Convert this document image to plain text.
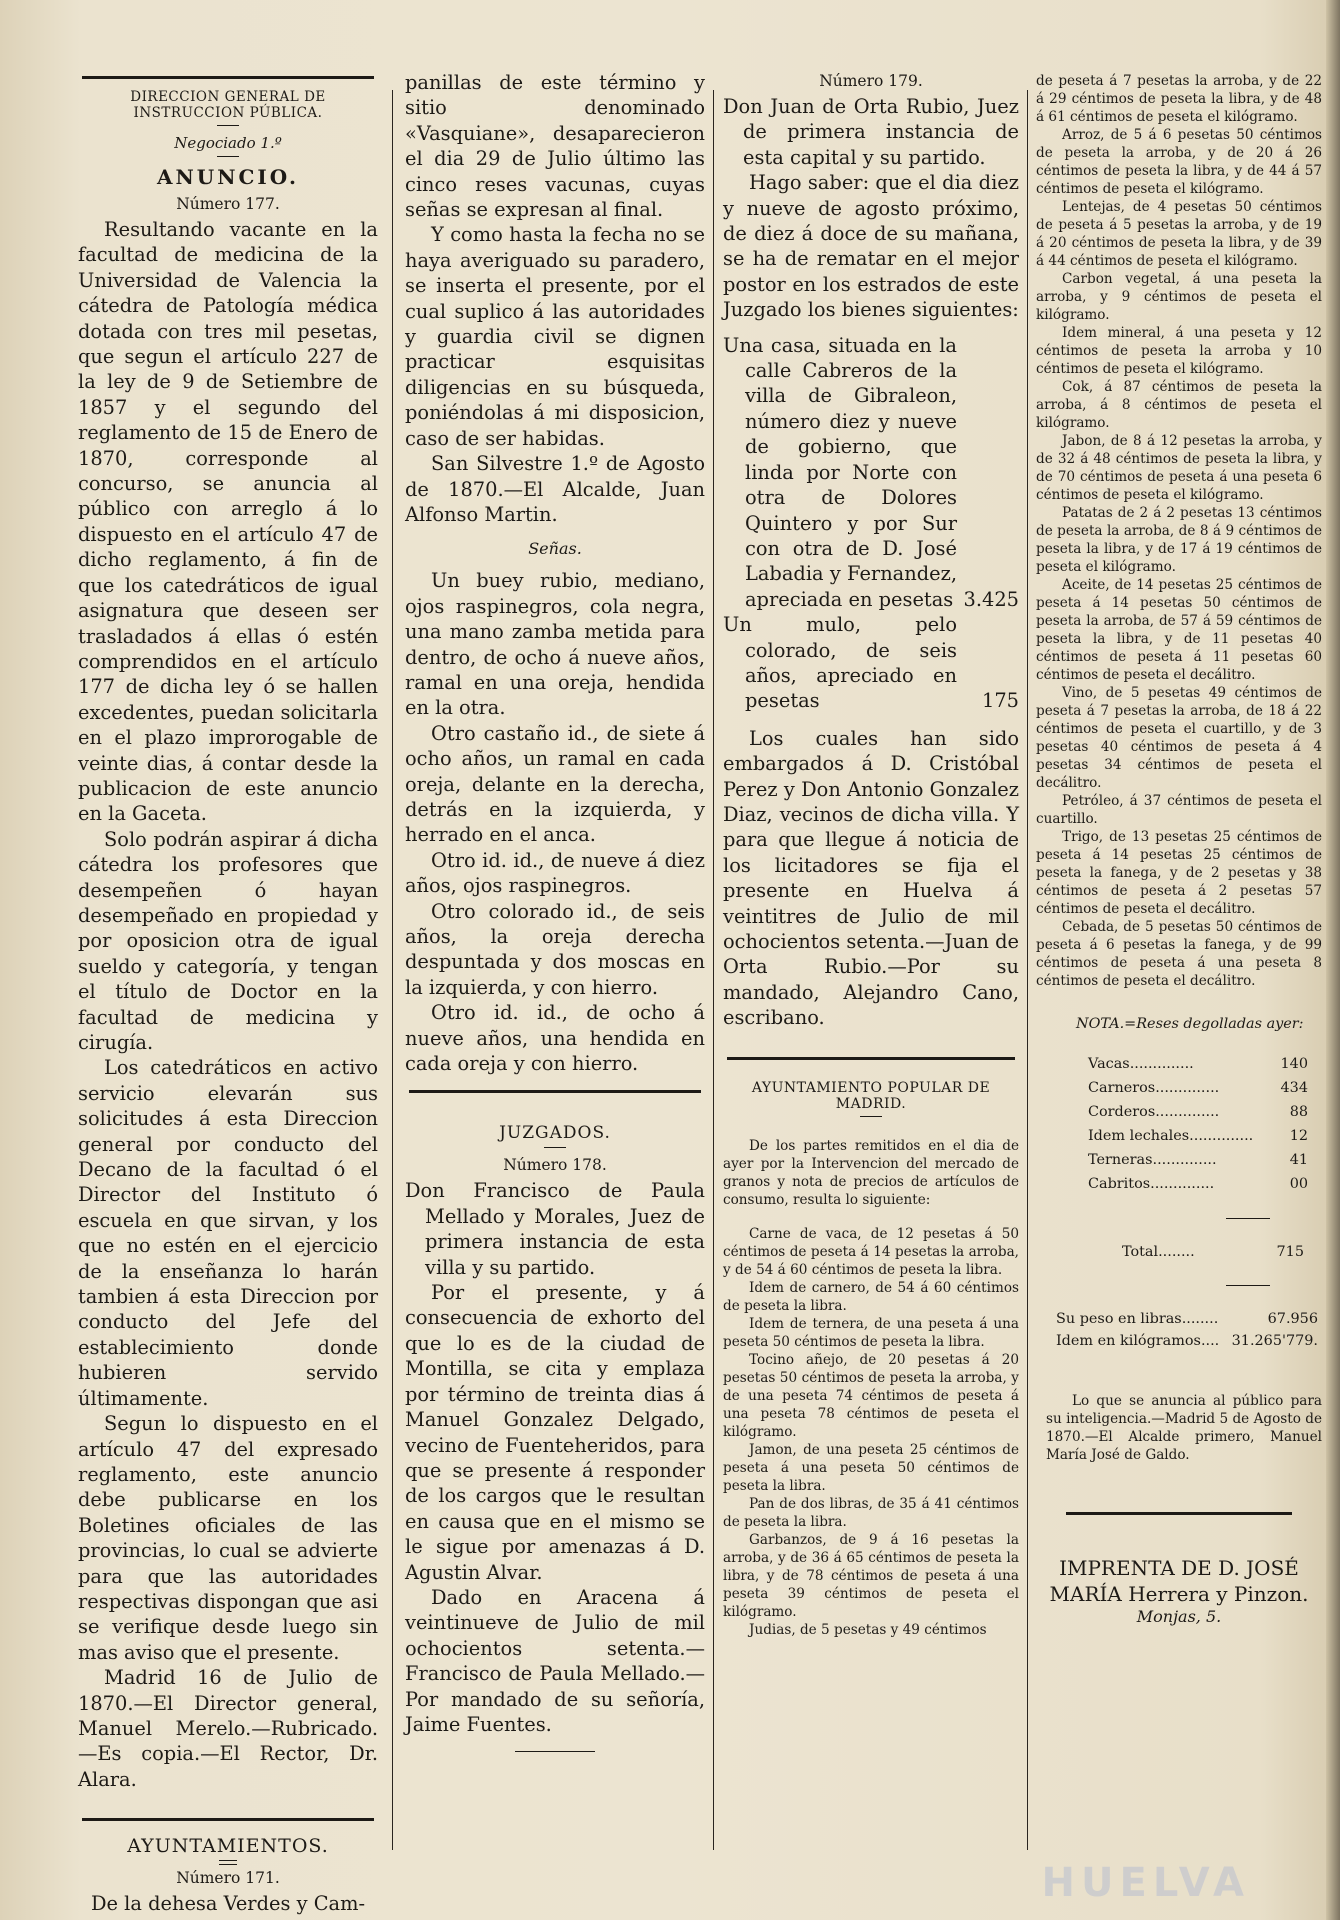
DIRECCION GENERAL DE INSTRUCCION PÚBLICA.

Negociado 1.º

ANUNCIO.

Número 177.

Resultando vacante en la facultad de medicina de la Universidad de Valencia la cátedra de Patología médica dotada con tres mil pesetas, que segun el artículo 227 de la ley de 9 de Setiembre de 1857 y el segundo del reglamento de 15 de Enero de 1870, corresponde al concurso, se anuncia al público con arreglo á lo dispuesto en el artículo 47 de dicho reglamento, á fin de que los catedráticos de igual asignatura que deseen ser trasladados á ellas ó estén comprendidos en el artículo 177 de dicha ley ó se hallen excedentes, puedan solicitarla en el plazo improrogable de veinte dias, á contar desde la publicacion de este anuncio en la Gaceta.

Solo podrán aspirar á dicha cátedra los profesores que desempeñen ó hayan desempeñado en propiedad y por oposicion otra de igual sueldo y categoría, y tengan el título de Doctor en la facultad de medicina y cirugía.

Los catedráticos en activo servicio elevarán sus solicitudes á esta Direccion general por conducto del Decano de la facultad ó el Director del Instituto ó escuela en que sirvan, y los que no estén en el ejercicio de la enseñanza lo harán tambien á esta Direccion por conducto del Jefe del establecimiento donde hubieren servido últimamente.

Segun lo dispuesto en el artículo 47 del expresado reglamento, este anuncio debe publicarse en los Boletines oficiales de las provincias, lo cual se advierte para que las autoridades respectivas dispongan que asi se verifique desde luego sin mas aviso que el presente.

Madrid 16 de Julio de 1870.—El Director general, Manuel Merelo.—Rubricado.—Es copia.—El Rector, Dr. Alara.

AYUNTAMIENTOS.

Número 171.

De la dehesa Verdes y Cam-

panillas de este término y sitio denominado «Vasquiane», desaparecieron el dia 29 de Julio último las cinco reses vacunas, cuyas señas se expresan al final.

Y como hasta la fecha no se haya averiguado su paradero, se inserta el presente, por el cual suplico á las autoridades y guardia civil se dignen practicar esquisitas diligencias en su búsqueda, poniéndolas á mi disposicion, caso de ser habidas.

San Silvestre 1.º de Agosto de 1870.—El Alcalde, Juan Alfonso Martin.

Señas.

Un buey rubio, mediano, ojos raspinegros, cola negra, una mano zamba metida para dentro, de ocho á nueve años, ramal en una oreja, hendida en la otra.

Otro castaño id., de siete á ocho años, un ramal en cada oreja, delante en la derecha, detrás en la izquierda, y herrado en el anca.

Otro id. id., de nueve á diez años, ojos raspinegros.

Otro colorado id., de seis años, la oreja derecha despuntada y dos moscas en la izquierda, y con hierro.

Otro id. id., de ocho á nueve años, una hendida en cada oreja y con hierro.

JUZGADOS.

Número 178.

Don Francisco de Paula Mellado y Morales, Juez de primera instancia de esta villa y su partido.

Por el presente, y á consecuencia de exhorto del que lo es de la ciudad de Montilla, se cita y emplaza por término de treinta dias á Manuel Gonzalez Delgado, vecino de Fuenteheridos, para que se presente á responder de los cargos que le resultan en causa que en el mismo se le sigue por amenazas á D. Agustin Alvar.

Dado en Aracena á veintinueve de Julio de mil ochocientos setenta.—Francisco de Paula Mellado.—Por mandado de su señoría, Jaime Fuentes.

Número 179.

Don Juan de Orta Rubio, Juez de primera instancia de esta capital y su partido.

Hago saber: que el dia diez y nueve de agosto próximo, de diez á doce de su mañana, se ha de rematar en el mejor postor en los estrados de este Juzgado los bienes siguientes:

Una casa, situada en la calle Cabreros de la villa de Gibraleon, número diez y nueve de gobierno, que linda por Norte con otra de Dolores Quintero y por Sur con otra de D. José Labadia y Fernandez, apreciada en pesetas	3.425
Un mulo, pelo colorado, de seis años, apreciado en pesetas	175

Los cuales han sido embargados á D. Cristóbal Perez y Don Antonio Gonzalez Diaz, vecinos de dicha villa. Y para que llegue á noticia de los licitadores se fija el presente en Huelva á veintitres de Julio de mil ochocientos setenta.—Juan de Orta Rubio.—Por su mandado, Alejandro Cano, escribano.

AYUNTAMIENTO POPULAR DE MADRID.

De los partes remitidos en el dia de ayer por la Intervencion del mercado de granos y nota de precios de artículos de consumo, resulta lo siguiente:

Carne de vaca, de 12 pesetas á 50 céntimos de peseta á 14 pesetas la arroba, y de 54 á 60 céntimos de peseta la libra.

Idem de carnero, de 54 á 60 céntimos de peseta la libra.

Idem de ternera, de una peseta á una peseta 50 céntimos de peseta la libra.

Tocino añejo, de 20 pesetas á 20 pesetas 50 céntimos de peseta la arroba, y de una peseta 74 céntimos de peseta á una peseta 78 céntimos de peseta el kilógramo.

Jamon, de una peseta 25 céntimos de peseta á una peseta 50 céntimos de peseta la libra.

Pan de dos libras, de 35 á 41 céntimos de peseta la libra.

Garbanzos, de 9 á 16 pesetas la arroba, y de 36 á 65 céntimos de peseta la libra, y de 78 céntimos de peseta á una peseta 39 céntimos de peseta el kilógramo.

Judias, de 5 pesetas y 49 céntimos

de peseta á 7 pesetas la arroba, y de 22 á 29 céntimos de peseta la libra, y de 48 á 61 céntimos de peseta el kilógramo.

Arroz, de 5 á 6 pesetas 50 céntimos de peseta la arroba, y de 20 á 26 céntimos de peseta la libra, y de 44 á 57 céntimos de peseta el kilógramo.

Lentejas, de 4 pesetas 50 céntimos de peseta á 5 pesetas la arroba, y de 19 á 20 céntimos de peseta la libra, y de 39 á 44 céntimos de peseta el kilógramo.

Carbon vegetal, á una peseta la arroba, y 9 céntimos de peseta el kilógramo.

Idem mineral, á una peseta y 12 céntimos de peseta la arroba y 10 céntimos de peseta el kilógramo.

Cok, á 87 céntimos de peseta la arroba, á 8 céntimos de peseta el kilógramo.

Jabon, de 8 á 12 pesetas la arroba, y de 32 á 48 céntimos de peseta la libra, y de 70 céntimos de peseta á una peseta 6 céntimos de peseta el kilógramo.

Patatas de 2 á 2 pesetas 13 céntimos de peseta la arroba, de 8 á 9 céntimos de peseta la libra, y de 17 á 19 céntimos de peseta el kilógramo.

Aceite, de 14 pesetas 25 céntimos de peseta á 14 pesetas 50 céntimos de peseta la arroba, de 57 á 59 céntimos de peseta la libra, y de 11 pesetas 40 céntimos de peseta á 11 pesetas 60 céntimos de peseta el decálitro.

Vino, de 5 pesetas 49 céntimos de peseta á 7 pesetas la arroba, de 18 á 22 céntimos de peseta el cuartillo, y de 3 pesetas 40 céntimos de peseta á 4 pesetas 34 céntimos de peseta el decálitro.

Petróleo, á 37 céntimos de peseta el cuartillo.

Trigo, de 13 pesetas 25 céntimos de peseta á 14 pesetas 25 céntimos de peseta la fanega, y de 2 pesetas y 38 céntimos de peseta á 2 pesetas 57 céntimos de peseta el decálitro.

Cebada, de 5 pesetas 50 céntimos de peseta á 6 pesetas la fanega, y de 99 céntimos de peseta á una peseta 8 céntimos de peseta el decálitro.

NOTA.=Reses degolladas ayer:

Vacas..............	140
Carneros..............	434
Corderos..............	88
Idem lechales..............	12
Terneras..............	41
Cabritos..............	00
Total........	715
Su peso en libras........	67.956
Idem en kilógramos....	31.265'779.

Lo que se anuncia al público para su inteligencia.—Madrid 5 de Agosto de 1870.—El Alcalde primero, Manuel María José de Galdo.

IMPRENTA DE D. JOSÉ MARÍA Herrera y Pinzon.

Monjas, 5.

HUELVA
